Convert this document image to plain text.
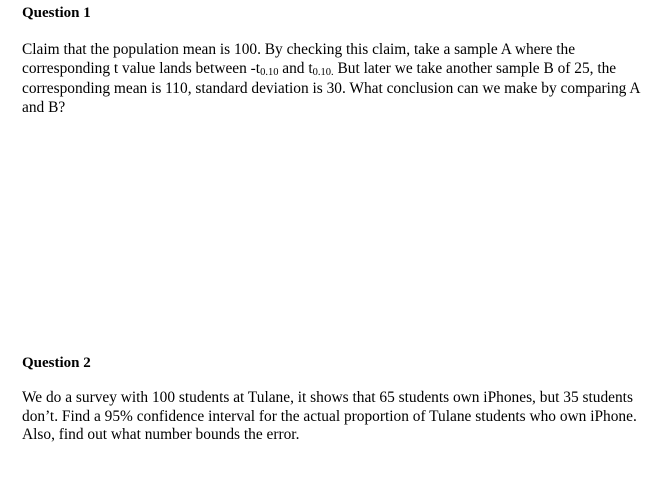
Question 1

Claim that the population mean is 100. By checking this claim, take a sample A where the corresponding t value lands between -t0.10 and t0.10. But later we take another sample B of 25, the corresponding mean is 110, standard deviation is 30. What conclusion can we make by comparing A and B?

Question 2

We do a survey with 100 students at Tulane, it shows that 65 students own iPhones, but 35 students don’t. Find a 95% confidence interval for the actual proportion of Tulane students who own iPhone. Also, find out what number bounds the error.
